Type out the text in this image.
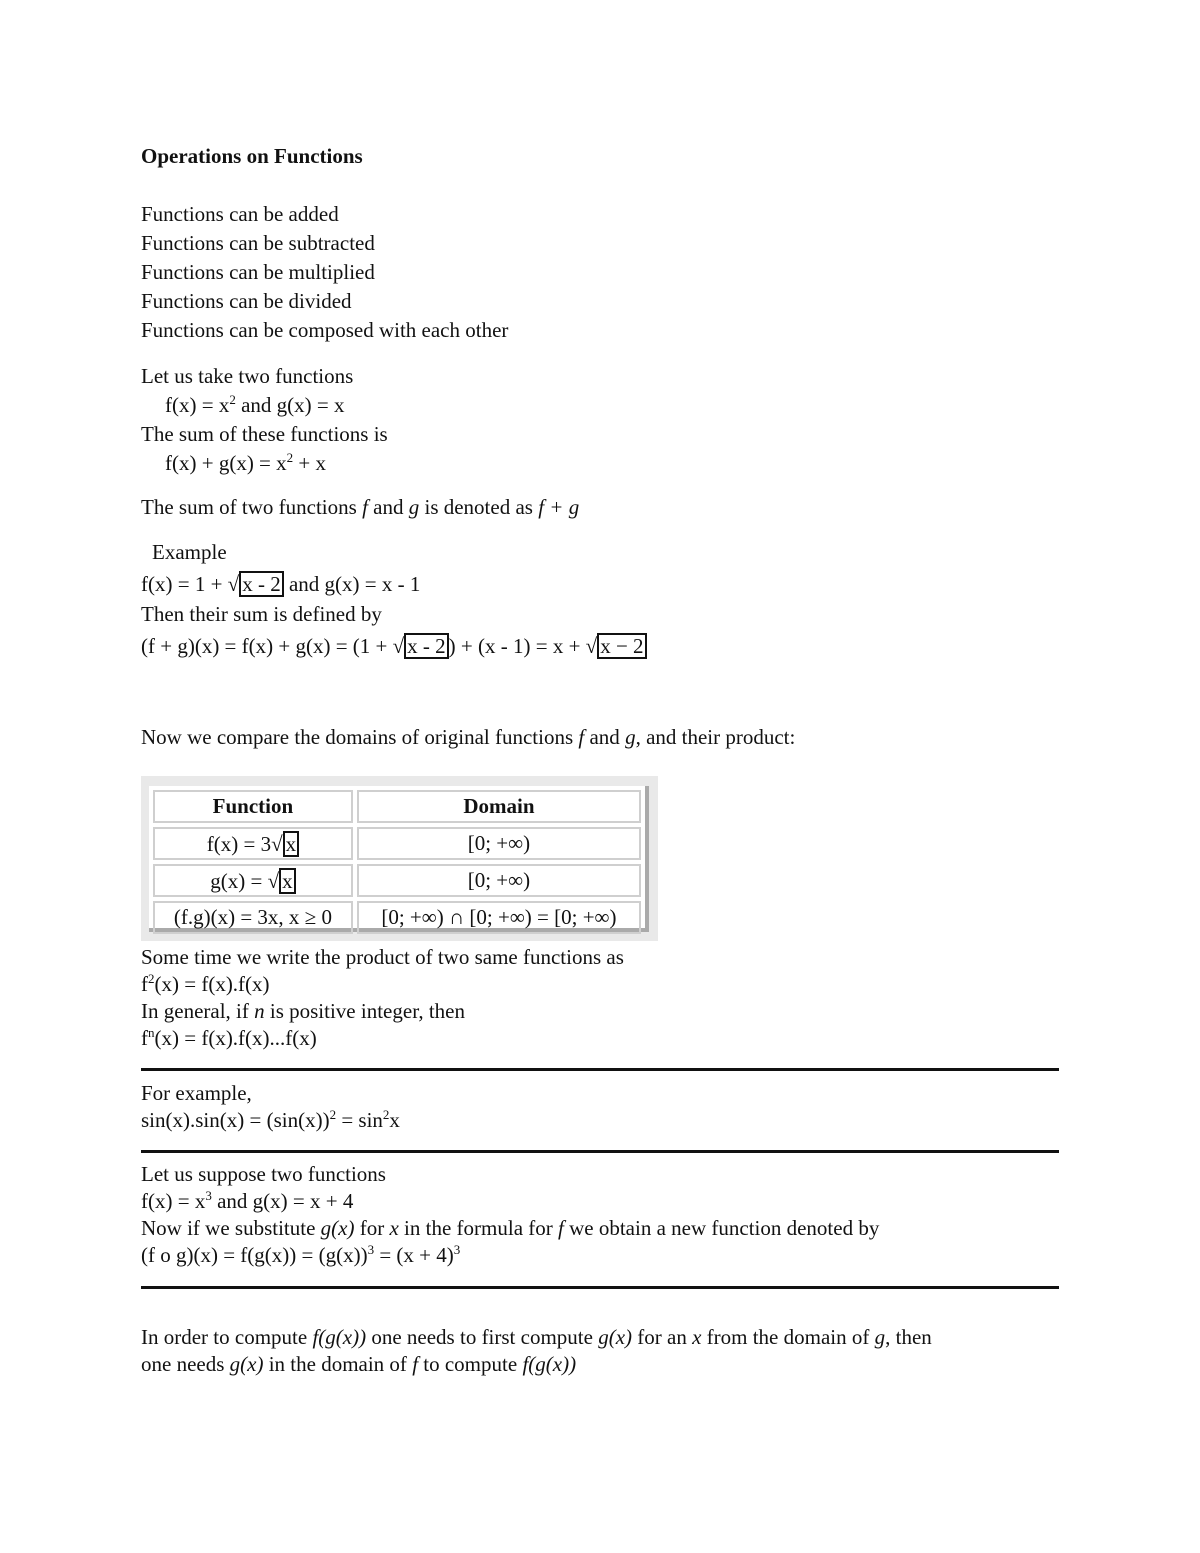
Operations on Functions
Functions can be added
Functions can be subtracted
Functions can be multiplied
Functions can be divided
Functions can be composed with each other
Let us take two functions
$f(x) = x^2$ and g(x) = x
The sum of these functions is
$f(x) + g(x) = x^2 + x$
The sum of two functions f and g is denoted as f + g
Example
f(x) = 1 + √ x - 2 and g(x) = x - 1
Then their sum is defined by
(f + g)(x) = f(x) + g(x) = (1 + √ x - 2 ) + (x - 1) = x + √ x − 2
Now we compare the domains of original functions f and g, and their product:
Function	Domain
f(x) = 3√ x	[0; +∞)
g(x) = √ x	[0; +∞)
(f.g)(x) = 3x, x ≥ 0	[0; +∞) ∩ [0; +∞) = [0; +∞)
Some time we write the product of two same functions as
$f^2(x) = f(x).f(x)$
In general, if n is positive integer, then
$f^n(x) = f(x).f(x)...f(x)$
For example,
$\sin(x).\sin(x) = (\sin(x))^2 = \sin^2x$
Let us suppose two functions
$f(x) = x^3$ and g(x) = x + 4
Now if we substitute g(x) for x in the formula for f we obtain a new function denoted by
(f o $g)(x) = f(g(x)) = (g(x))^3 = (x + 4)^3$
In order to compute f(g(x)) one needs to first compute g(x) for an x from the domain of g, then
one needs g(x) in the domain of f to compute f(g(x))
